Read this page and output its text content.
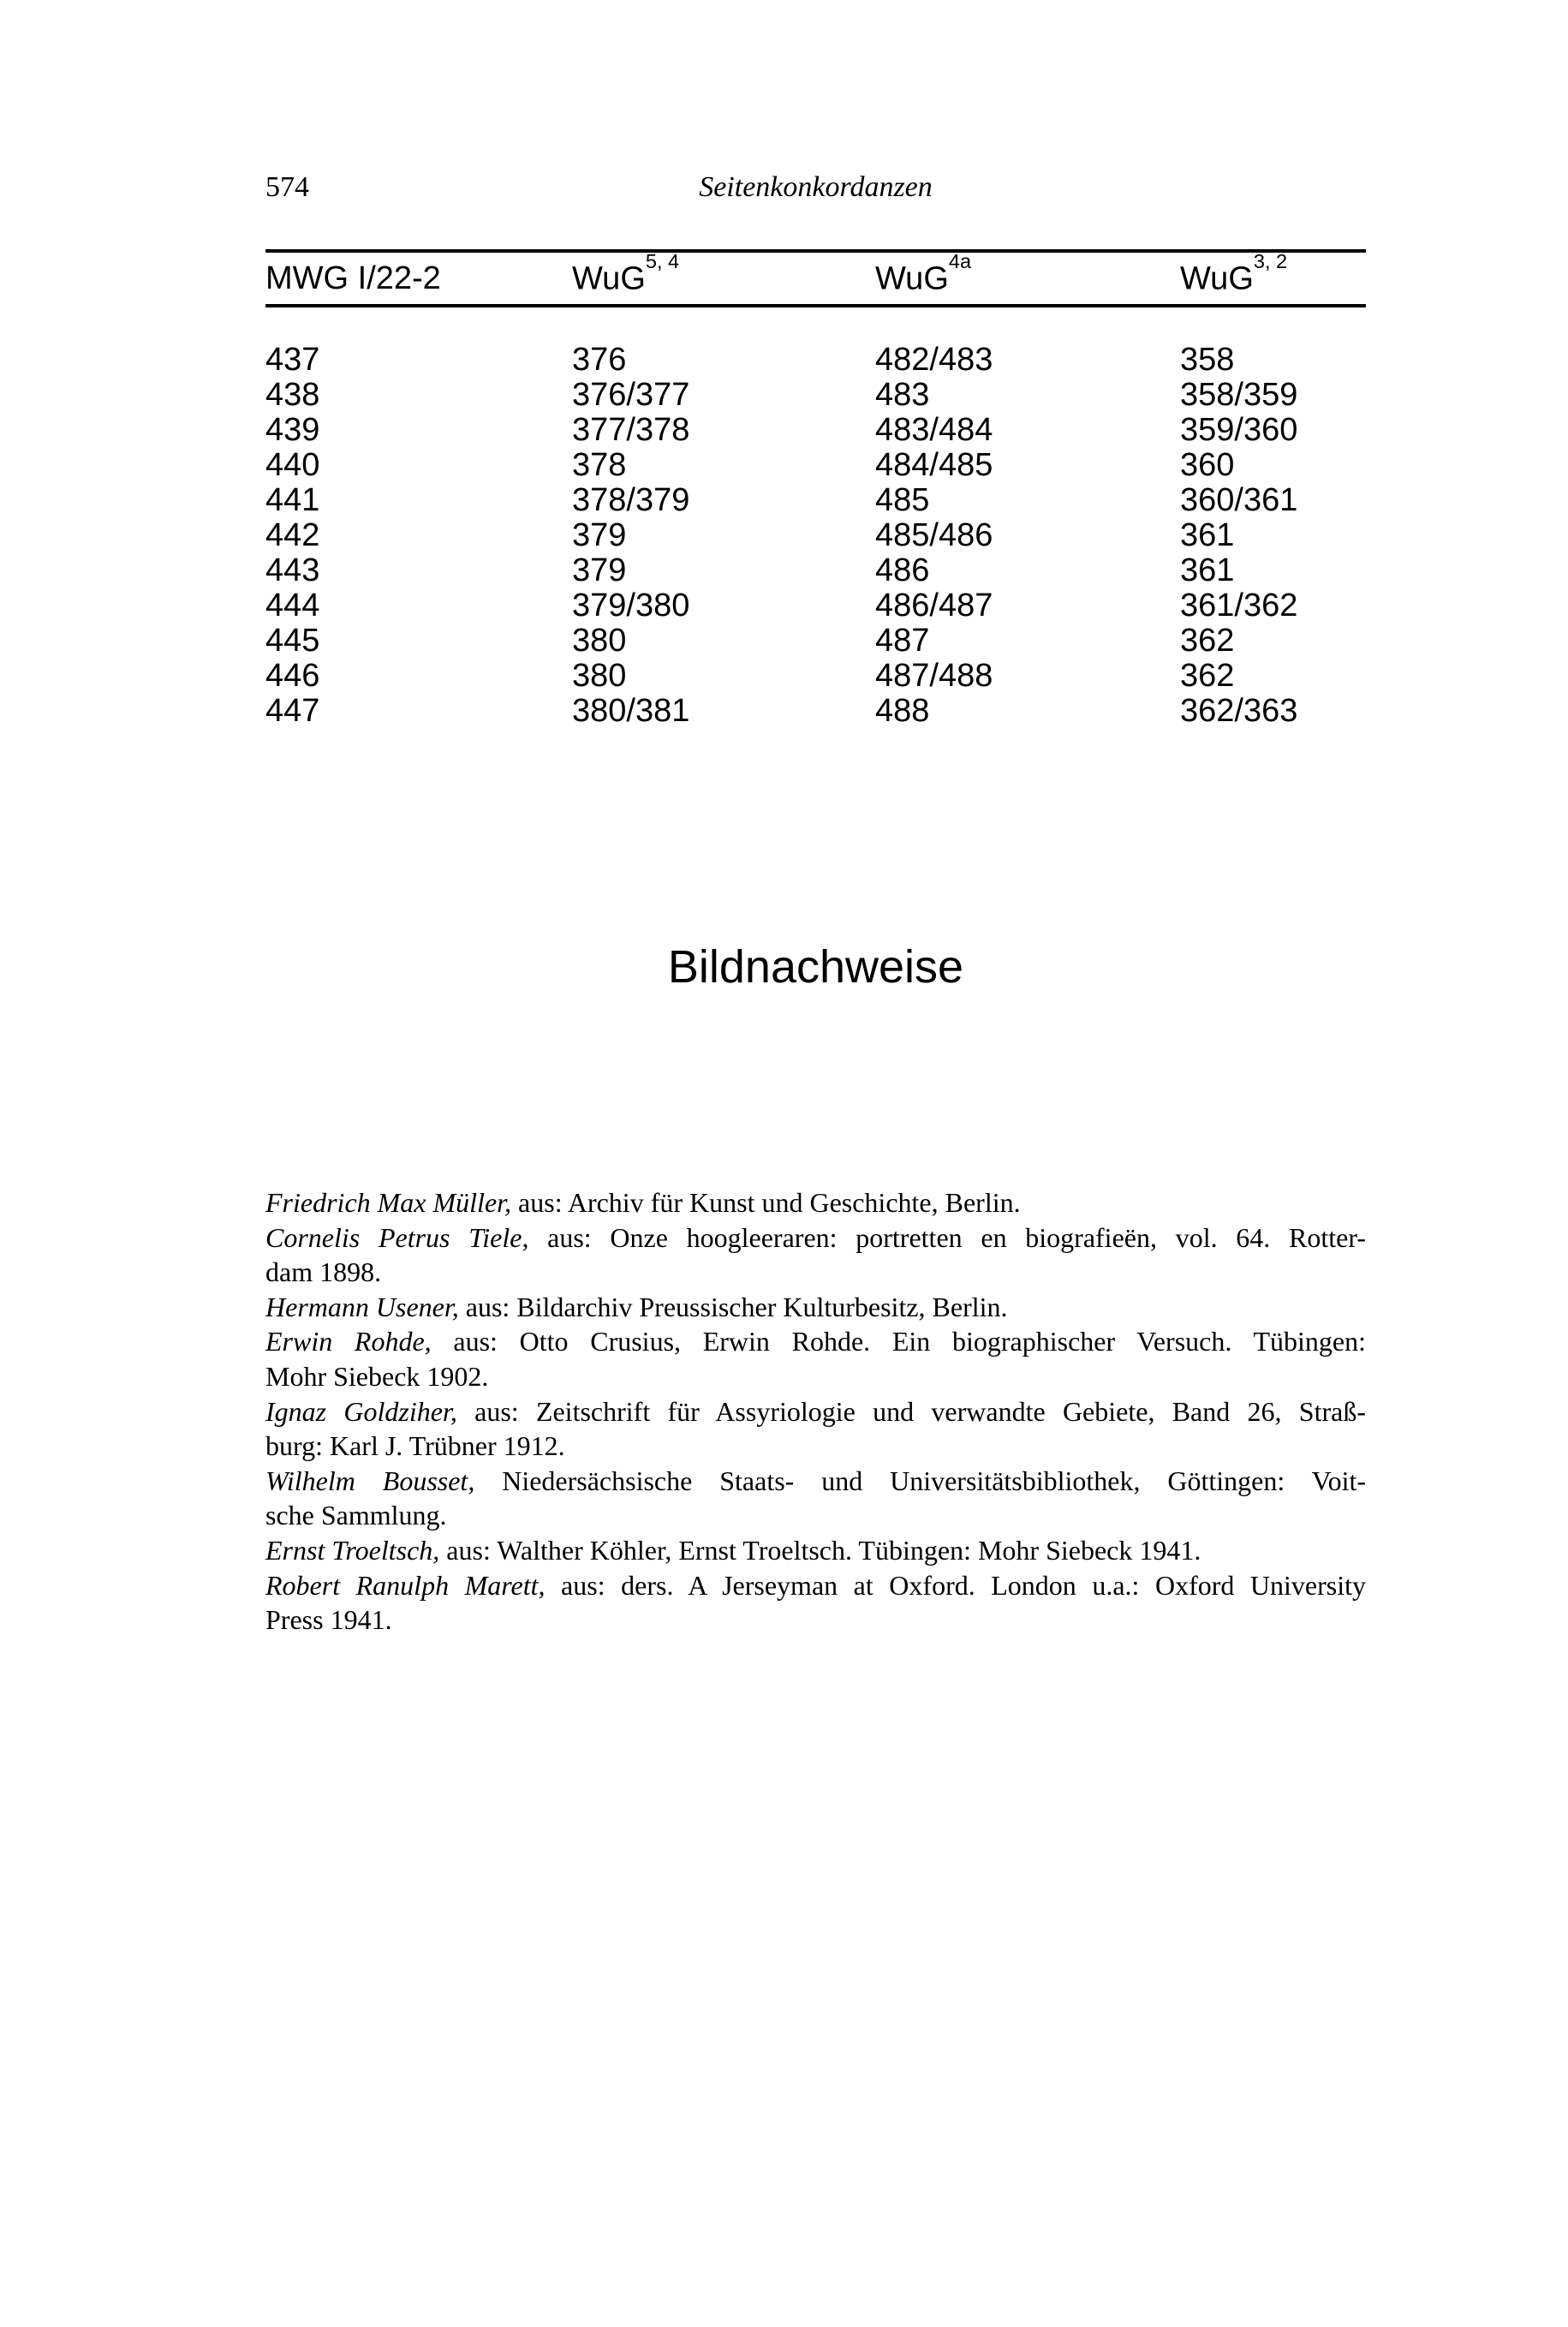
574	Seitenkonkordanzen
MWG I/22-2	WuG$^{5, 4}$	WuG$^{4a}$	WuG$^{3, 2}$
437	376	482/483	358
438	376/377	483	358/359
439	377/378	483/484	359/360
440	378	484/485	360
441	378/379	485	360/361
442	379	485/486	361
443	379	486	361
444	379/380	486/487	361/362
445	380	487	362
446	380	487/488	362
447	380/381	488	362/363
Bildnachweise

Friedrich Max Müller, aus: Archiv für Kunst und Geschichte, Berlin.

Cornelis Petrus Tiele, aus: Onze hoogleeraren: portretten en biografieën, vol. 64. Rotter-

dam 1898.

Hermann Usener, aus: Bildarchiv Preussischer Kulturbesitz, Berlin.

Erwin Rohde, aus: Otto Crusius, Erwin Rohde. Ein biographischer Versuch. Tübingen:

Mohr Siebeck 1902.

Ignaz Goldziher, aus: Zeitschrift für Assyriologie und verwandte Gebiete, Band 26, Straß-

burg: Karl J. Trübner 1912.

Wilhelm Bousset, Niedersächsische Staats- und Universitätsbibliothek, Göttingen: Voit-

sche Sammlung.

Ernst Troeltsch, aus: Walther Köhler, Ernst Troeltsch. Tübingen: Mohr Siebeck 1941.

Robert Ranulph Marett, aus: ders. A Jerseyman at Oxford. London u.a.: Oxford University

Press 1941.
